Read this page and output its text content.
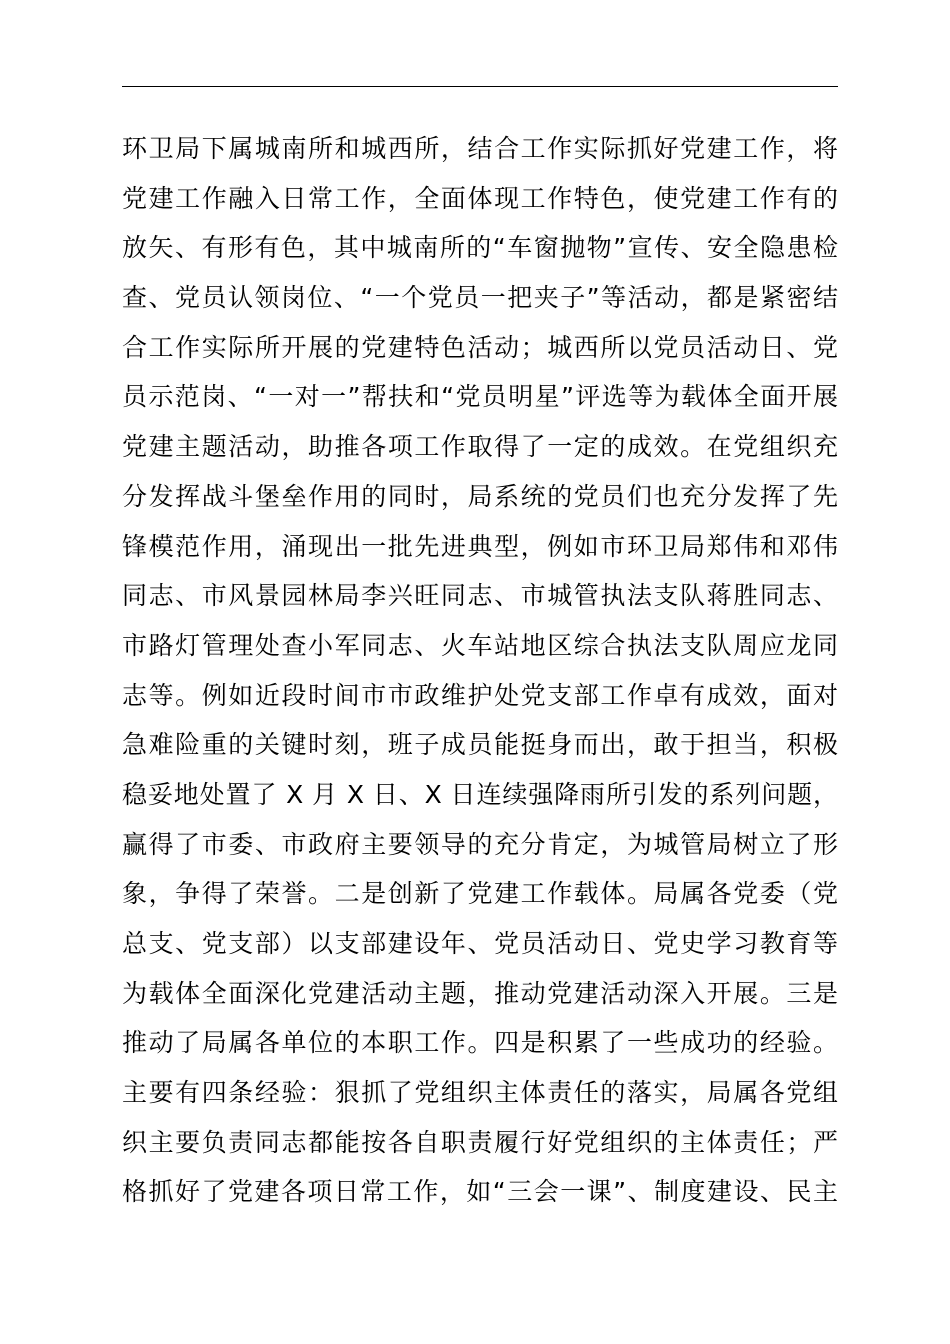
环卫局下属城南所和城西所，结合工作实际抓好党建工作，将
党建工作融入日常工作，全面体现工作特色，使党建工作有的
放矢、有形有色，其中城南所的“车窗抛物”宣传、安全隐患检
查、党员认领岗位、“一个党员一把夹子”等活动，都是紧密结
合工作实际所开展的党建特色活动；城西所以党员活动日、党
员示范岗、“一对一”帮扶和“党员明星”评选等为载体全面开展
党建主题活动，助推各项工作取得了一定的成效。在党组织充
分发挥战斗堡垒作用的同时，局系统的党员们也充分发挥了先
锋模范作用，涌现出一批先进典型，例如市环卫局郑伟和邓伟
同志、市风景园林局李兴旺同志、市城管执法支队蒋胜同志、
市路灯管理处查小军同志、火车站地区综合执法支队周应龙同
志等。例如近段时间市市政维护处党支部工作卓有成效，面对
急难险重的关键时刻，班子成员能挺身而出，敢于担当，积极
稳妥地处置了 X 月 X 日、X 日连续强降雨所引发的系列问题，
赢得了市委、市政府主要领导的充分肯定，为城管局树立了形
象，争得了荣誉。二是创新了党建工作载体。局属各党委（党
总支、党支部）以支部建设年、党员活动日、党史学习教育等
为载体全面深化党建活动主题，推动党建活动深入开展。三是
推动了局属各单位的本职工作。四是积累了一些成功的经验。
主要有四条经验：狠抓了党组织主体责任的落实，局属各党组
织主要负责同志都能按各自职责履行好党组织的主体责任；严
格抓好了党建各项日常工作，如“三会一课”、制度建设、民主
